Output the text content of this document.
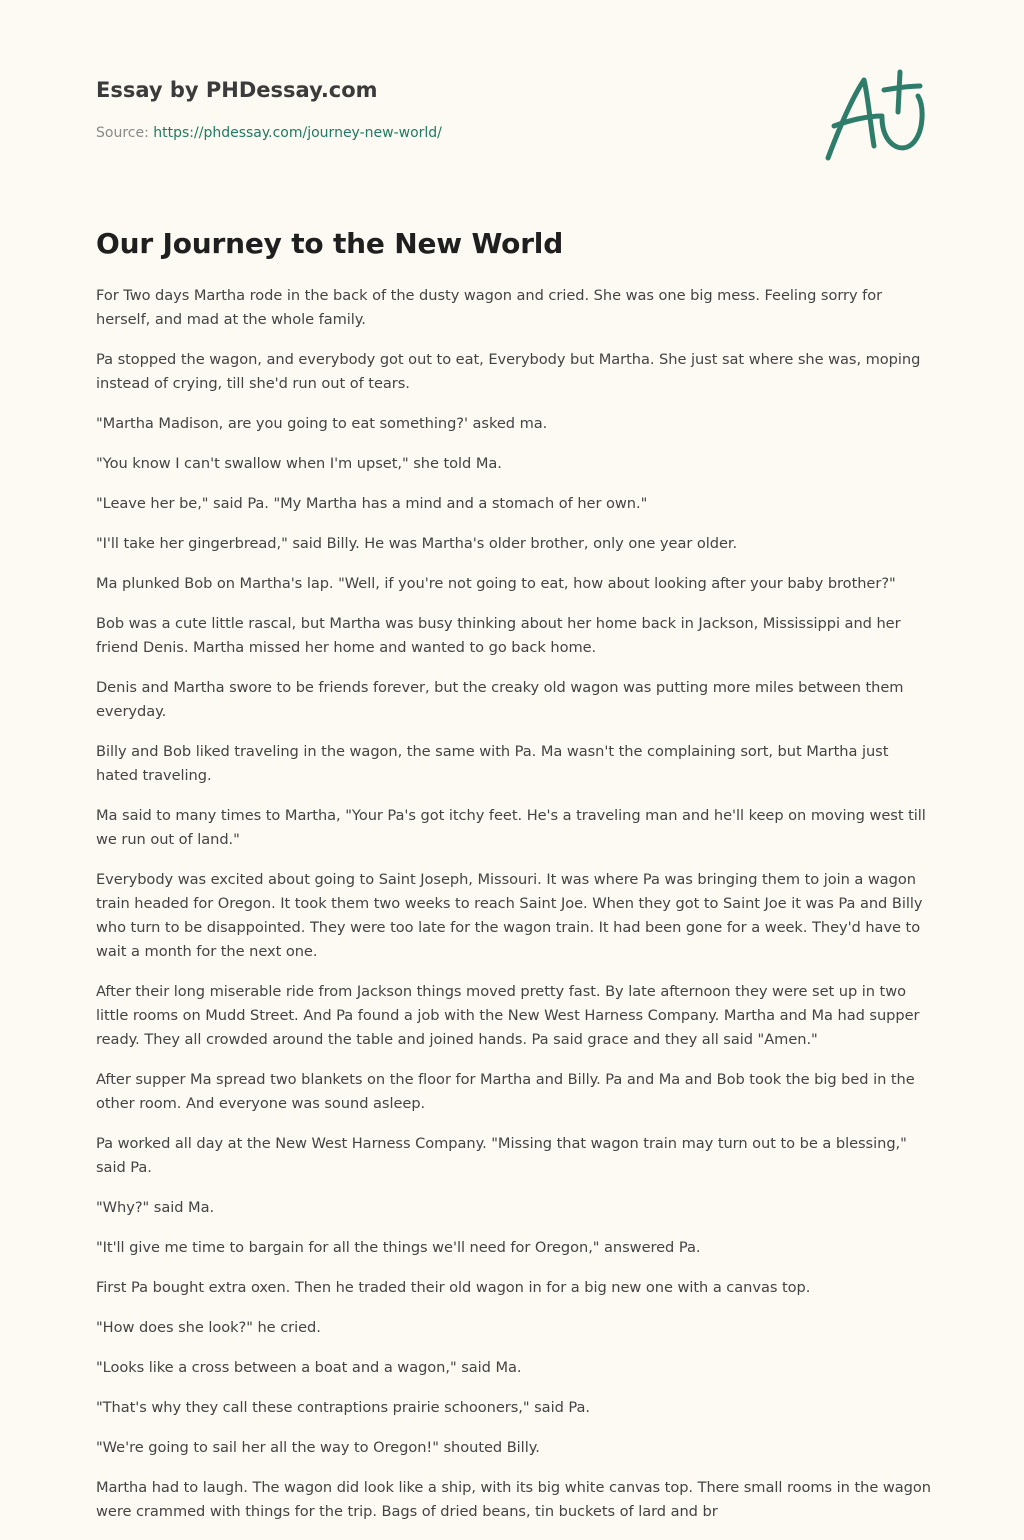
Essay by PHDessay.com
Source: https://phdessay.com/journey-new-world/
Our Journey to the New World

For Two days Martha rode in the back of the dusty wagon and cried. She was one big mess. Feeling sorry for herself, and mad at the whole family.

Pa stopped the wagon, and everybody got out to eat, Everybody but Martha. She just sat where she was, moping instead of crying, till she'd run out of tears.

"Martha Madison, are you going to eat something?' asked ma.

"You know I can't swallow when I'm upset," she told Ma.

"Leave her be," said Pa. "My Martha has a mind and a stomach of her own."

"I'll take her gingerbread," said Billy. He was Martha's older brother, only one year older.

Ma plunked Bob on Martha's lap. "Well, if you're not going to eat, how about looking after your baby brother?"

Bob was a cute little rascal, but Martha was busy thinking about her home back in Jackson, Mississippi and her friend Denis. Martha missed her home and wanted to go back home.

Denis and Martha swore to be friends forever, but the creaky old wagon was putting more miles between them everyday.

Billy and Bob liked traveling in the wagon, the same with Pa. Ma wasn't the complaining sort, but Martha just hated traveling.

Ma said to many times to Martha, "Your Pa's got itchy feet. He's a traveling man and he'll keep on moving west till we run out of land."

Everybody was excited about going to Saint Joseph, Missouri. It was where Pa was bringing them to join a wagon train headed for Oregon. It took them two weeks to reach Saint Joe. When they got to Saint Joe it was Pa and Billy who turn to be disappointed. They were too late for the wagon train. It had been gone for a week. They'd have to wait a month for the next one.

After their long miserable ride from Jackson things moved pretty fast. By late afternoon they were set up in two little rooms on Mudd Street. And Pa found a job with the New West Harness Company. Martha and Ma had supper ready. They all crowded around the table and joined hands. Pa said grace and they all said "Amen."

After supper Ma spread two blankets on the floor for Martha and Billy. Pa and Ma and Bob took the big bed in the other room. And everyone was sound asleep.

Pa worked all day at the New West Harness Company. "Missing that wagon train may turn out to be a blessing," said Pa.

"Why?" said Ma.

"It'll give me time to bargain for all the things we'll need for Oregon," answered Pa.

First Pa bought extra oxen. Then he traded their old wagon in for a big new one with a canvas top.

"How does she look?" he cried.

"Looks like a cross between a boat and a wagon," said Ma.

"That's why they call these contraptions prairie schooners," said Pa.

"We're going to sail her all the way to Oregon!" shouted Billy.

Martha had to laugh. The wagon did look like a ship, with its big white canvas top. There small rooms in the wagon were crammed with things for the trip. Bags of dried beans, tin buckets of lard and br
